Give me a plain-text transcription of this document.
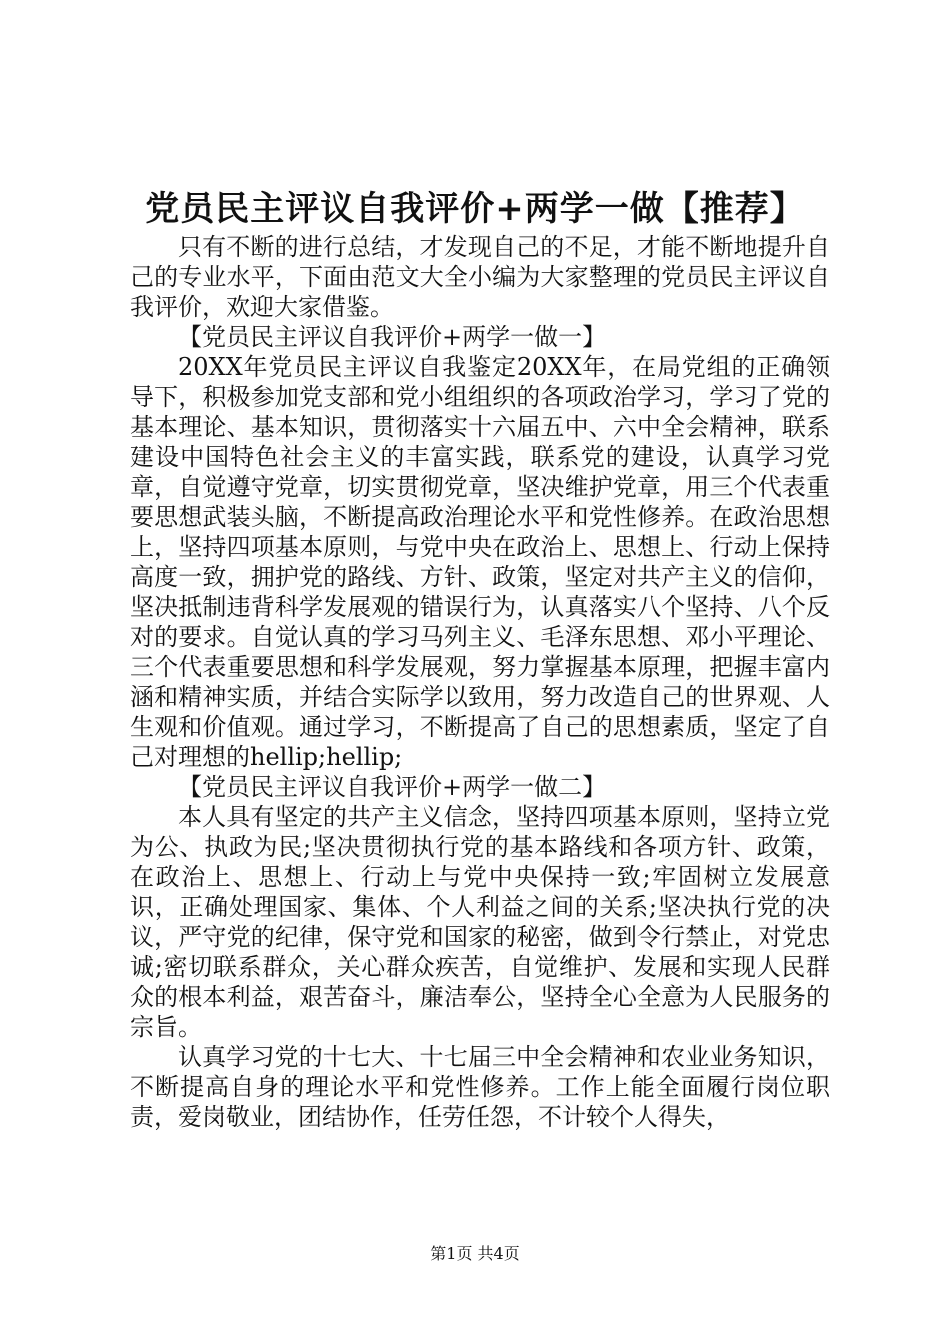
党员民主评议自我评价+两学一做【推荐】

只有不断的进行总结，才发现自己的不足，才能不断地提升自己的专业水平，下面由范文大全小编为大家整理的党员民主评议自我评价，欢迎大家借鉴。

【党员民主评议自我评价+两学一做一】

20XX年党员民主评议自我鉴定20XX年，在局党组的正确领导下，积极参加党支部和党小组组织的各项政治学习，学习了党的基本理论、基本知识，贯彻落实十六届五中、六中全会精神，联系建设中国特色社会主义的丰富实践，联系党的建设，认真学习党章，自觉遵守党章，切实贯彻党章，坚决维护党章，用三个代表重要思想武装头脑，不断提高政治理论水平和党性修养。在政治思想上，坚持四项基本原则，与党中央在政治上、思想上、行动上保持高度一致，拥护党的路线、方针、政策，坚定对共产主义的信仰，坚决抵制违背科学发展观的错误行为，认真落实八个坚持、八个反对的要求。自觉认真的学习马列主义、毛泽东思想、邓小平理论、三个代表重要思想和科学发展观，努力掌握基本原理，把握丰富内涵和精神实质，并结合实际学以致用，努力改造自己的世界观、人生观和价值观。通过学习，不断提高了自己的思想素质，坚定了自己对理想的hellip;hellip;

【党员民主评议自我评价+两学一做二】

本人具有坚定的共产主义信念，坚持四项基本原则，坚持立党为公、执政为民;坚决贯彻执行党的基本路线和各项方针、政策，在政治上、思想上、行动上与党中央保持一致;牢固树立发展意识，正确处理国家、集体、个人利益之间的关系;坚决执行党的决议，严守党的纪律，保守党和国家的秘密，做到令行禁止，对党忠诚;密切联系群众，关心群众疾苦，自觉维护、发展和实现人民群众的根本利益，艰苦奋斗，廉洁奉公，坚持全心全意为人民服务的宗旨。

认真学习党的十七大、十七届三中全会精神和农业业务知识，不断提高自身的理论水平和党性修养。工作上能全面履行岗位职责，爱岗敬业，团结协作，任劳任怨，不计较个人得失，

第1页 共4页
